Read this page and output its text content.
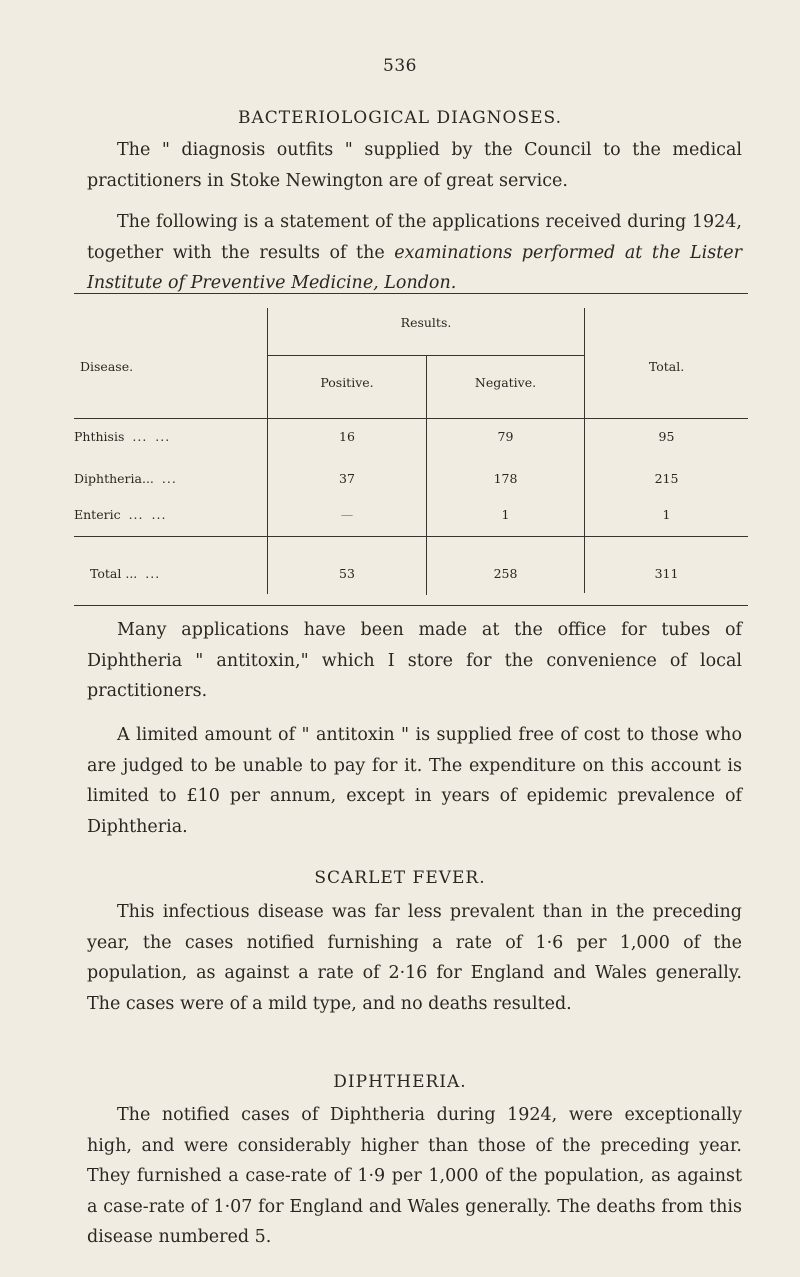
536
BACTERIOLOGICAL DIAGNOSES.

The " diagnosis outfits " supplied by the Council to the medical practitioners in Stoke Newington are of great service.

The following is a statement of the applications received during 1924, together with the results of the examinations performed at the Lister Institute of Preventive Medicine, London.

Disease.
Results.
Positive.	Negative.
Total.
Phthisis ... ...	16	79	95
Diphtheria... ...	37	178	215
Enteric ... ...	—	1	1
Total ... ...	53	258	311

Many applications have been made at the office for tubes of Diphtheria " antitoxin," which I store for the convenience of local practitioners.

A limited amount of " antitoxin " is supplied free of cost to those who are judged to be unable to pay for it. The expenditure on this account is limited to £10 per annum, except in years of epidemic prevalence of Diphtheria.

SCARLET FEVER.

This infectious disease was far less prevalent than in the preceding year, the cases notified furnishing a rate of 1·6 per 1,000 of the population, as against a rate of 2·16 for England and Wales generally. The cases were of a mild type, and no deaths resulted.

DIPHTHERIA.

The notified cases of Diphtheria during 1924, were exceptionally high, and were considerably higher than those of the preceding year. They furnished a case-rate of 1·9 per 1,000 of the population, as against a case-rate of 1·07 for England and Wales generally. The deaths from this disease numbered 5.
